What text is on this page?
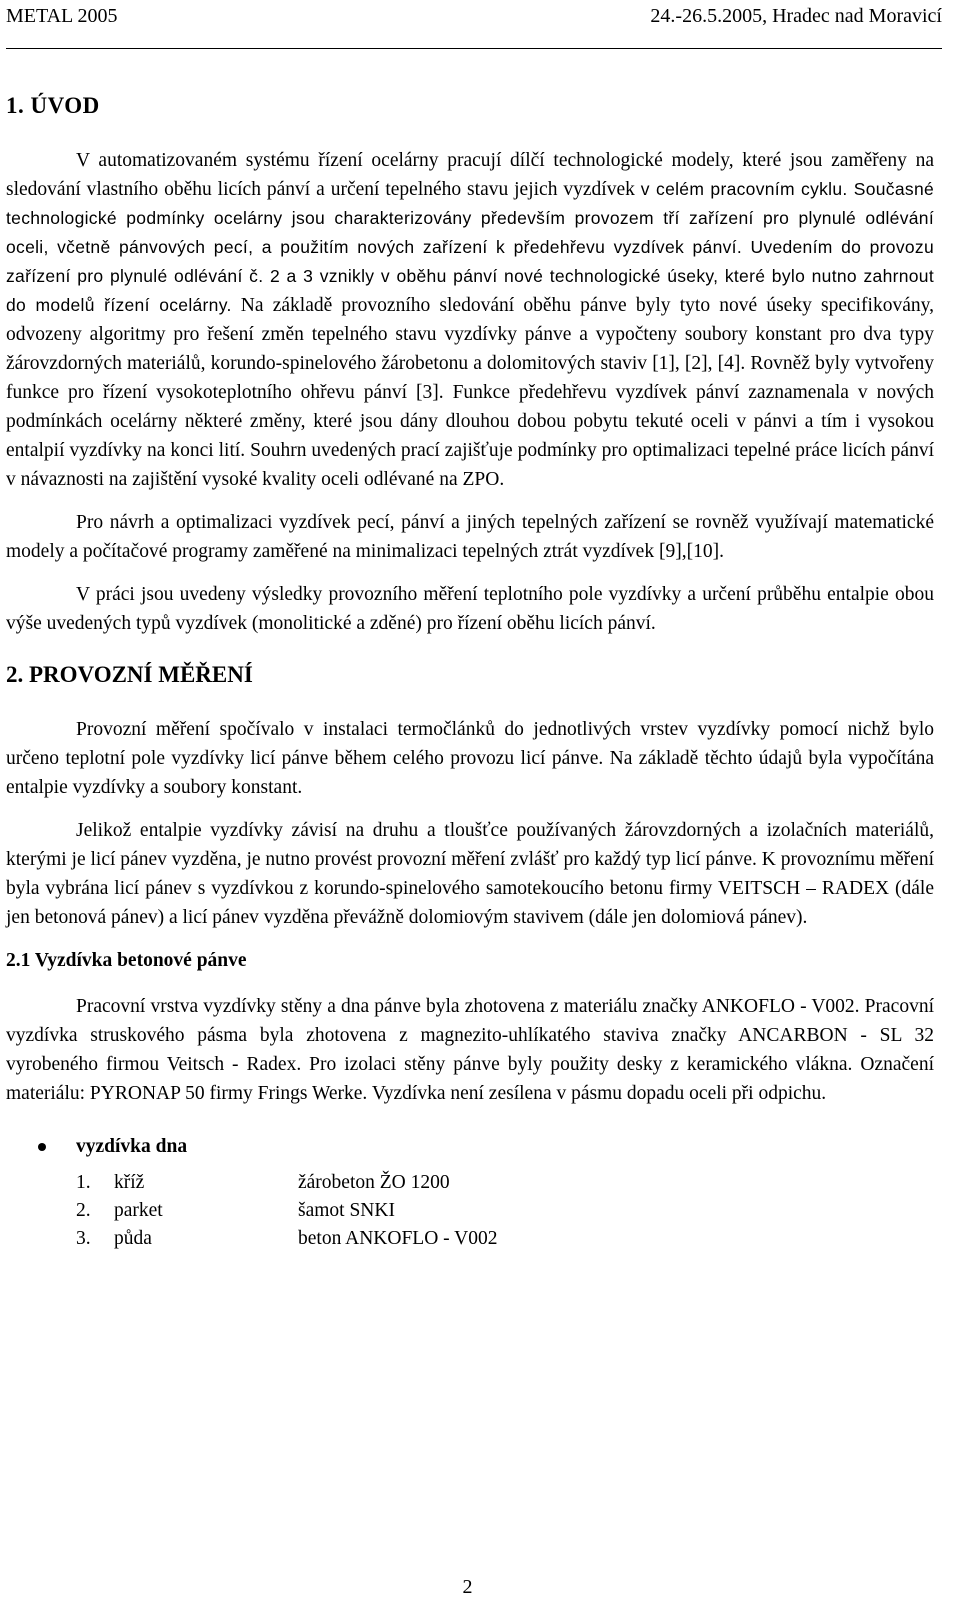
METAL 2005	24.-26.5.2005, Hradec nad Moravicí
1. ÚVOD

V automatizovaném systému řízení ocelárny pracují dílčí technologické modely, které jsou zaměřeny na sledování vlastního oběhu licích pánví a určení tepelného stavu jejich vyzdívek v celém pracovním cyklu. Současné technologické podmínky ocelárny jsou charakterizovány především provozem tří zařízení pro plynulé odlévání oceli, včetně pánvových pecí, a použitím nových zařízení k předehřevu vyzdívek pánví. Uvedením do provozu zařízení pro plynulé odlévání č. 2 a 3 vznikly v oběhu pánví nové technologické úseky, které bylo nutno zahrnout do modelů řízení ocelárny. Na základě provozního sledování oběhu pánve byly tyto nové úseky specifikovány, odvozeny algoritmy pro řešení změn tepelného stavu vyzdívky pánve a vypočteny soubory konstant pro dva typy žárovzdorných materiálů, korundo-spinelového žárobetonu a dolomitových staviv [1], [2], [4]. Rovněž byly vytvořeny funkce pro řízení vysokoteplotního ohřevu pánví [3]. Funkce předehřevu vyzdívek pánví zaznamenala v nových podmínkách ocelárny některé změny, které jsou dány dlouhou dobou pobytu tekuté oceli v pánvi a tím i vysokou entalpií vyzdívky na konci lití. Souhrn uvedených prací zajišťuje podmínky pro optimalizaci tepelné práce licích pánví v návaznosti na zajištění vysoké kvality oceli odlévané na ZPO.

Pro návrh a optimalizaci vyzdívek pecí, pánví a jiných tepelných zařízení se rovněž využívají matematické modely a počítačové programy zaměřené na minimalizaci tepelných ztrát vyzdívek [9],[10].

V práci jsou uvedeny výsledky provozního měření teplotního pole vyzdívky a určení průběhu entalpie obou výše uvedených typů vyzdívek (monolitické a zděné) pro řízení oběhu licích pánví.

2. PROVOZNÍ MĚŘENÍ

Provozní měření spočívalo v instalaci termočlánků do jednotlivých vrstev vyzdívky pomocí nichž bylo určeno teplotní pole vyzdívky licí pánve během celého provozu licí pánve. Na základě těchto údajů byla vypočítána entalpie vyzdívky a soubory konstant.

Jelikož entalpie vyzdívky závisí na druhu a tloušťce používaných žárovzdorných a izolačních materiálů, kterými je licí pánev vyzděna, je nutno provést provozní měření zvlášť pro každý typ licí pánve. K provoznímu měření byla vybrána licí pánev s vyzdívkou z korundo-spinelového samotekoucího betonu firmy VEITSCH – RADEX (dále jen betonová pánev) a licí pánev vyzděna převážně dolomiovým stavivem (dále jen dolomiová pánev).

2.1 Vyzdívka betonové pánve

Pracovní vrstva vyzdívky stěny a dna pánve byla zhotovena z materiálu značky ANKOFLO - V002. Pracovní vyzdívka struskového pásma byla zhotovena z magnezito-uhlíkatého staviva značky ANCARBON - SL 32 vyrobeného firmou Veitsch - Radex. Pro izolaci stěny pánve byly použity desky z keramického vlákna. Označení materiálu: PYRONAP 50 firmy Frings Werke. Vyzdívka není zesílena v pásmu dopadu oceli při odpichu.

vyzdívka dna
1. kříž	žárobeton ŽO 1200
2. parket	šamot SNKI
3. půda	beton ANKOFLO - V002
2
